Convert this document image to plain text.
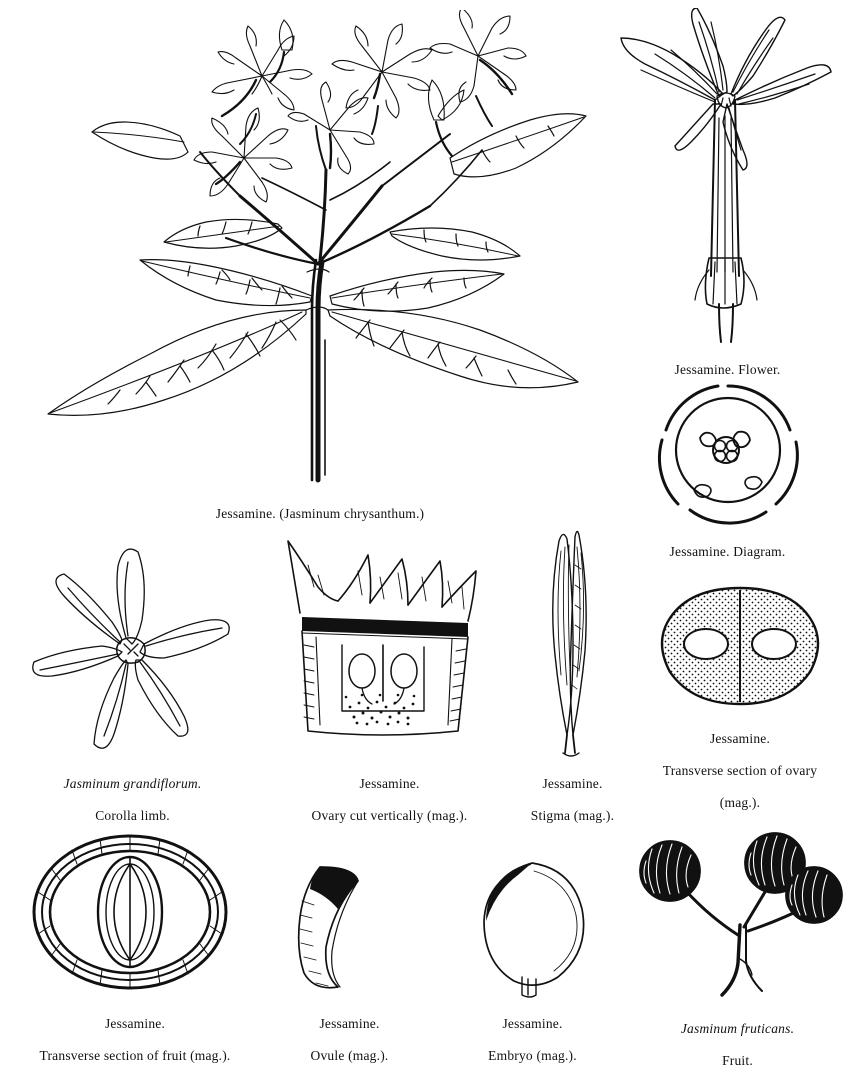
Jessamine. (Jasminum chrysanthum.)

Jessamine. Flower.

Jessamine. Diagram.

Jasminum grandiflorum.

Corolla limb.

Jessamine.

Ovary cut vertically (mag.).

Jessamine.

Stigma (mag.).

Jessamine.

Transverse section of ovary

(mag.).

Jessamine.

Transverse section of fruit (mag.).

Jessamine.

Ovule (mag.).

Jessamine.

Embryo (mag.).

Jasminum fruticans.

Fruit.
